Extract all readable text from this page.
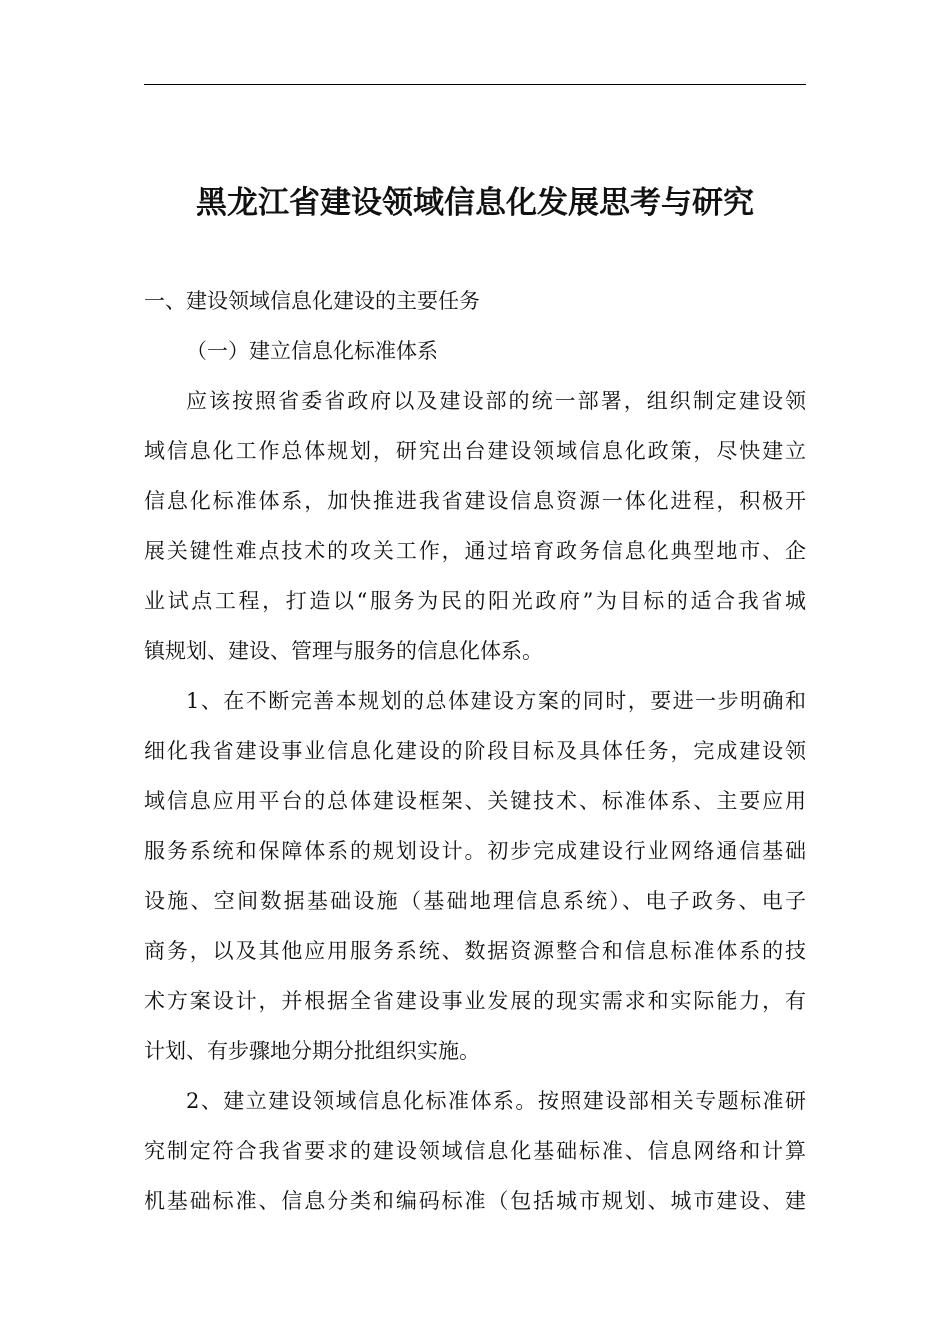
黑龙江省建设领域信息化发展思考与研究
一、建设领域信息化建设的主要任务
（一）建立信息化标准体系
应该按照省委省政府以及建设部的统一部署，组织制定建设领
域信息化工作总体规划，研究出台建设领域信息化政策，尽快建立
信息化标准体系，加快推进我省建设信息资源一体化进程，积极开
展关键性难点技术的攻关工作，通过培育政务信息化典型地市、企
业试点工程，打造以“服务为民的阳光政府”为目标的适合我省城
镇规划、建设、管理与服务的信息化体系。
1、在不断完善本规划的总体建设方案的同时，要进一步明确和
细化我省建设事业信息化建设的阶段目标及具体任务，完成建设领
域信息应用平台的总体建设框架、关键技术、标准体系、主要应用
服务系统和保障体系的规划设计。初步完成建设行业网络通信基础
设施、空间数据基础设施（基础地理信息系统）、电子政务、电子
商务，以及其他应用服务系统、数据资源整合和信息标准体系的技
术方案设计，并根据全省建设事业发展的现实需求和实际能力，有
计划、有步骤地分期分批组织实施。
2、建立建设领域信息化标准体系。按照建设部相关专题标准研
究制定符合我省要求的建设领域信息化基础标准、信息网络和计算
机基础标准、信息分类和编码标准（包括城市规划、城市建设、建
